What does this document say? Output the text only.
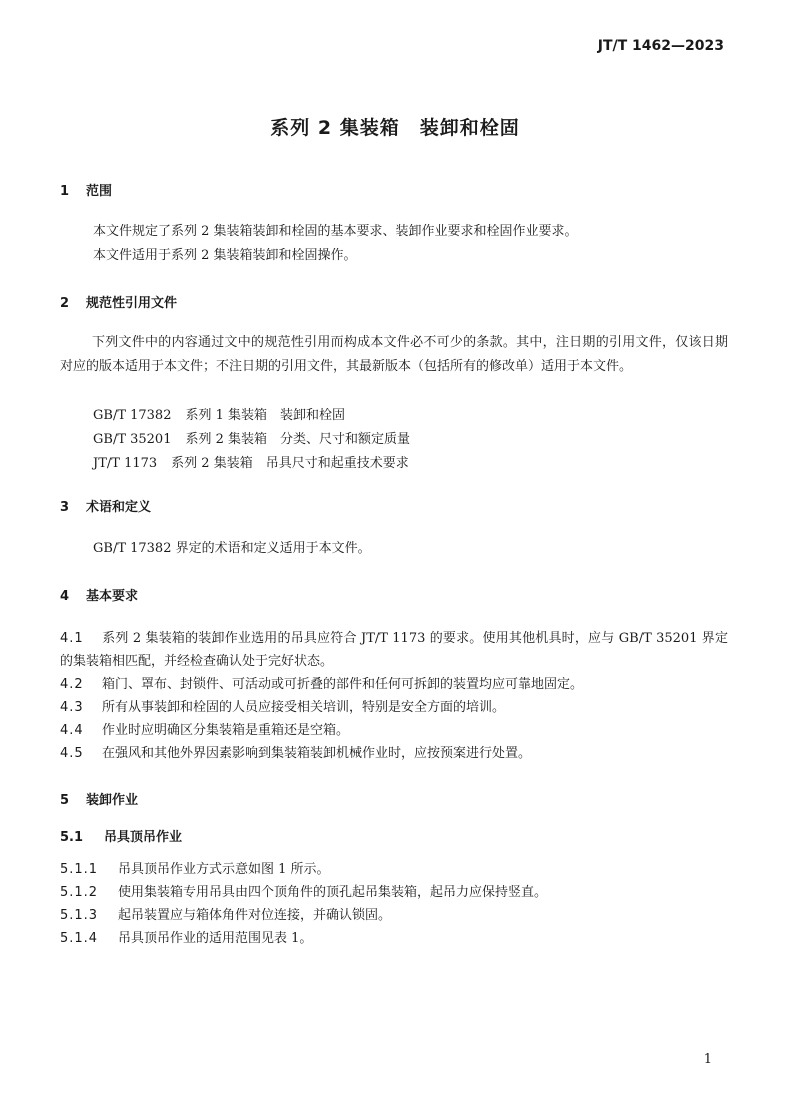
JT/T 1462—2023
系列 2 集装箱　装卸和栓固
1 范围
本文件规定了系列 2 集装箱装卸和栓固的基本要求、装卸作业要求和栓固作业要求。
本文件适用于系列 2 集装箱装卸和栓固操作。
2 规范性引用文件
下列文件中的内容通过文中的规范性引用而构成本文件必不可少的条款。其中，注日期的引用文件，仅该日期对应的版本适用于本文件；不注日期的引用文件，其最新版本（包括所有的修改单）适用于本文件。
GB/T 17382 系列 1 集装箱　装卸和栓固
GB/T 35201 系列 2 集装箱　分类、尺寸和额定质量
JT/T 1173 系列 2 集装箱　吊具尺寸和起重技术要求
3 术语和定义
GB/T 17382 界定的术语和定义适用于本文件。
4 基本要求
4.1 系列 2 集装箱的装卸作业选用的吊具应符合 JT/T 1173 的要求。使用其他机具时，应与 GB/T 35201 界定的集装箱相匹配，并经检查确认处于完好状态。
4.2 箱门、罩布、封锁件、可活动或可折叠的部件和任何可拆卸的装置均应可靠地固定。
4.3 所有从事装卸和栓固的人员应接受相关培训，特别是安全方面的培训。
4.4 作业时应明确区分集装箱是重箱还是空箱。
4.5 在强风和其他外界因素影响到集装箱装卸机械作业时，应按预案进行处置。
5 装卸作业
5.1 吊具顶吊作业
5.1.1 吊具顶吊作业方式示意如图 1 所示。
5.1.2 使用集装箱专用吊具由四个顶角件的顶孔起吊集装箱，起吊力应保持竖直。
5.1.3 起吊装置应与箱体角件对位连接，并确认锁固。
5.1.4 吊具顶吊作业的适用范围见表 1。
1
